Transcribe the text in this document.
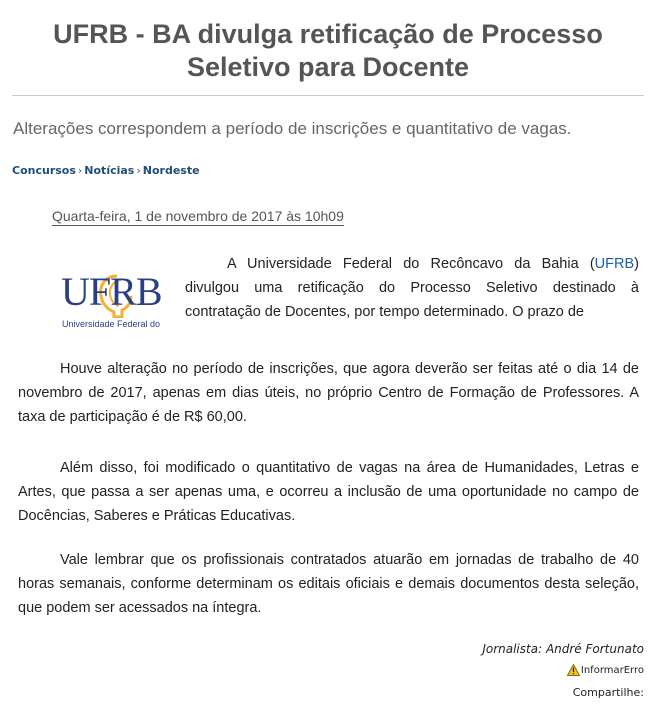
UFRB - BA divulga retificação de Processo
Seletivo para Docente
Alterações correspondem a período de inscrições e quantitativo de vagas.
Concursos › Notícias › Nordeste
Quarta-feira, 1 de novembro de 2017 às 10h09
UFRB
Universidade Federal do
A Universidade Federal do Recôncavo da Bahia (UFRB) divulgou uma retificação do Processo Seletivo destinado à contratação de Docentes, por tempo determinado. O prazo de

Houve alteração no período de inscrições, que agora deverão ser feitas até o dia 14 de novembro de 2017, apenas em dias úteis, no próprio Centro de Formação de Professores. A taxa de participação é de R$ 60,00.

Além disso, foi modificado o quantitativo de vagas na área de Humanidades, Letras e Artes, que passa a ser apenas uma, e ocorreu a inclusão de uma oportunidade no campo de Docências, Saberes e Práticas Educativas.

Vale lembrar que os profissionais contratados atuarão em jornadas de trabalho de 40 horas semanais, conforme determinam os editais oficiais e demais documentos desta seleção, que podem ser acessados na íntegra.

Jornalista: André Fortunato
InformarErro
Compartilhe:
